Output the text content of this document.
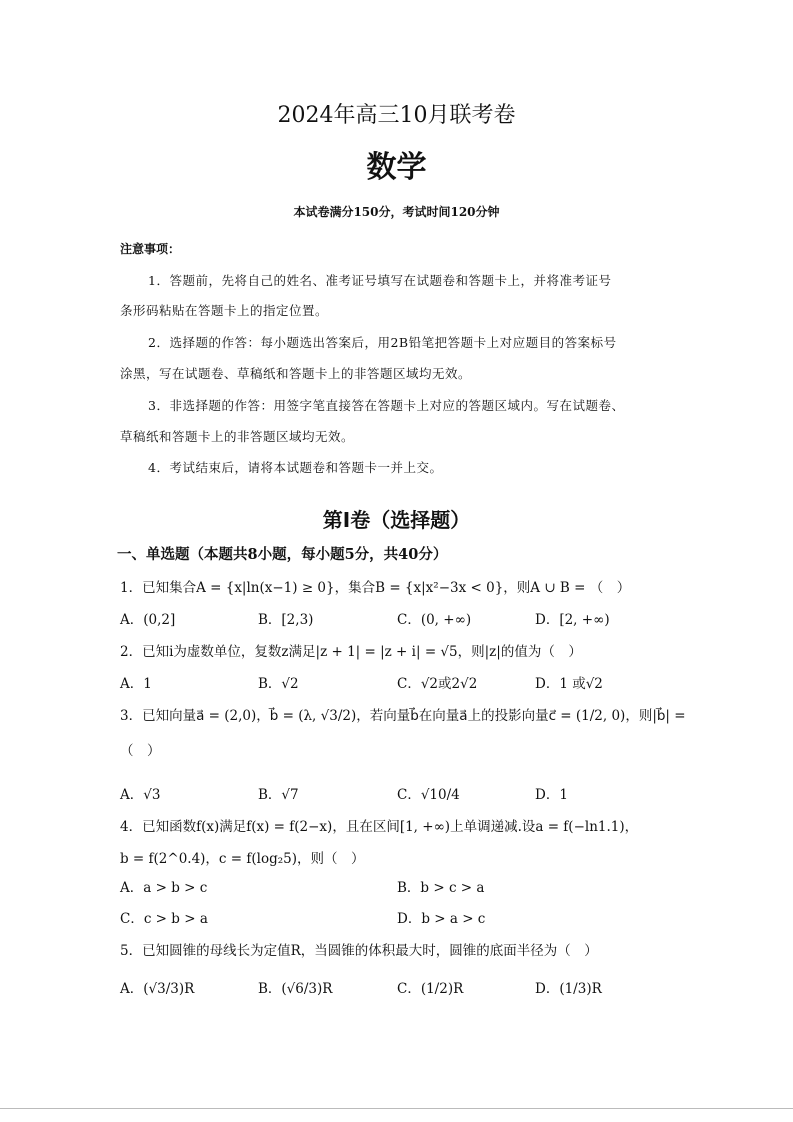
2024年高三10月联考卷
数学
本试卷满分150分，考试时间120分钟
注意事项：
1．答题前，先将自己的姓名、准考证号填写在试题卷和答题卡上，并将准考证号
条形码粘贴在答题卡上的指定位置。
2．选择题的作答：每小题选出答案后，用2B铅笔把答题卡上对应题目的答案标号
涂黑，写在试题卷、草稿纸和答题卡上的非答题区域均无效。
3．非选择题的作答：用签字笔直接答在答题卡上对应的答题区域内。写在试题卷、
草稿纸和答题卡上的非答题区域均无效。
4．考试结束后，请将本试题卷和答题卡一并上交。
第Ⅰ卷（选择题）
一、单选题（本题共8小题，每小题5分，共40分）
1．已知集合A = {x|ln(x−1) ≥ 0}，集合B = {x|x²−3x < 0}，则A ∪ B = （　）
A．(0,2]	B．[2,3)	C．(0, +∞)	D．[2, +∞)
2．已知i为虚数单位，复数z满足|z + 1| = |z + i| = √5，则|z|的值为（　）
A．1	B．√2	C．√2或2√2	D．1 或√2
3．已知向量a⃗ = (2,0)，b⃗ = (λ, √3/2)，若向量b⃗在向量a⃗上的投影向量c⃗ = (1/2, 0)，则|b⃗| =
（　）
A．√3	B．√7	C．√10/4	D．1
4．已知函数f(x)满足f(x) = f(2−x)，且在区间[1, +∞)上单调递减.设a = f(−ln1.1)，
b = f(2^0.4)，c = f(log₂5)，则（　）
A．a > b > c	B．b > c > a
C．c > b > a	D．b > a > c
5．已知圆锥的母线长为定值R，当圆锥的体积最大时，圆锥的底面半径为（　）
A．(√3/3)R	B．(√6/3)R	C．(1/2)R	D．(1/3)R
